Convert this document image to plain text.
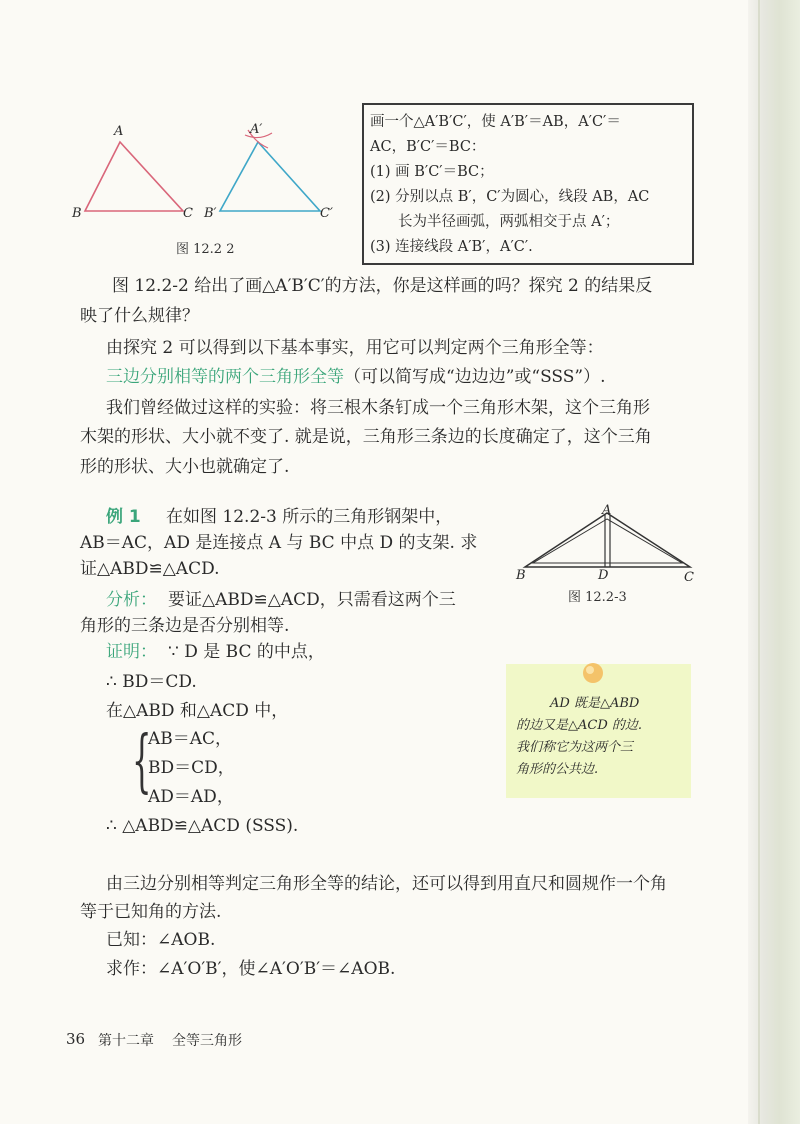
A
B	C
A′
B′	C′
图 12.2 2
画一个△A′B′C′，使 A′B′＝AB，A′C′＝
AC，B′C′＝BC：
(1) 画 B′C′＝BC；
(2) 分别以点 B′，C′为圆心，线段 AB，AC
长为半径画弧，两弧相交于点 A′；
(3) 连接线段 A′B′，A′C′.
图 12.2-2 给出了画△A′B′C′的方法，你是这样画的吗？探究 2 的结果反
映了什么规律？
由探究 2 可以得到以下基本事实，用它可以判定两个三角形全等：
三边分别相等的两个三角形全等（可以简写成“边边边”或“SSS”）.
我们曾经做过这样的实验：将三根木条钉成一个三角形木架，这个三角形
木架的形状、大小就不变了. 就是说，三角形三条边的长度确定了，这个三角
形的形状、大小也就确定了.
例 1 在如图 12.2-3 所示的三角形钢架中，
AB＝AC，AD 是连接点 A 与 BC 中点 D 的支架. 求
证△ABD≌△ACD.
分析： 要证△ABD≌△ACD，只需看这两个三
角形的三条边是否分别相等.
证明： ∵ D 是 BC 的中点，
∴ BD＝CD.
在△ABD 和△ACD 中，
{
AB＝AC，
BD＝CD，
AD＝AD，
∴ △ABD≌△ACD (SSS).
A
B	D	C
图 12.2-3
AD 既是△ABD
的边又是△ACD 的边.
我们称它为这两个三
角形的公共边.
由三边分别相等判定三角形全等的结论，还可以得到用直尺和圆规作一个角
等于已知角的方法.
已知：∠AOB.
求作：∠A′O′B′，使∠A′O′B′＝∠AOB.
36 第十二章 全等三角形
